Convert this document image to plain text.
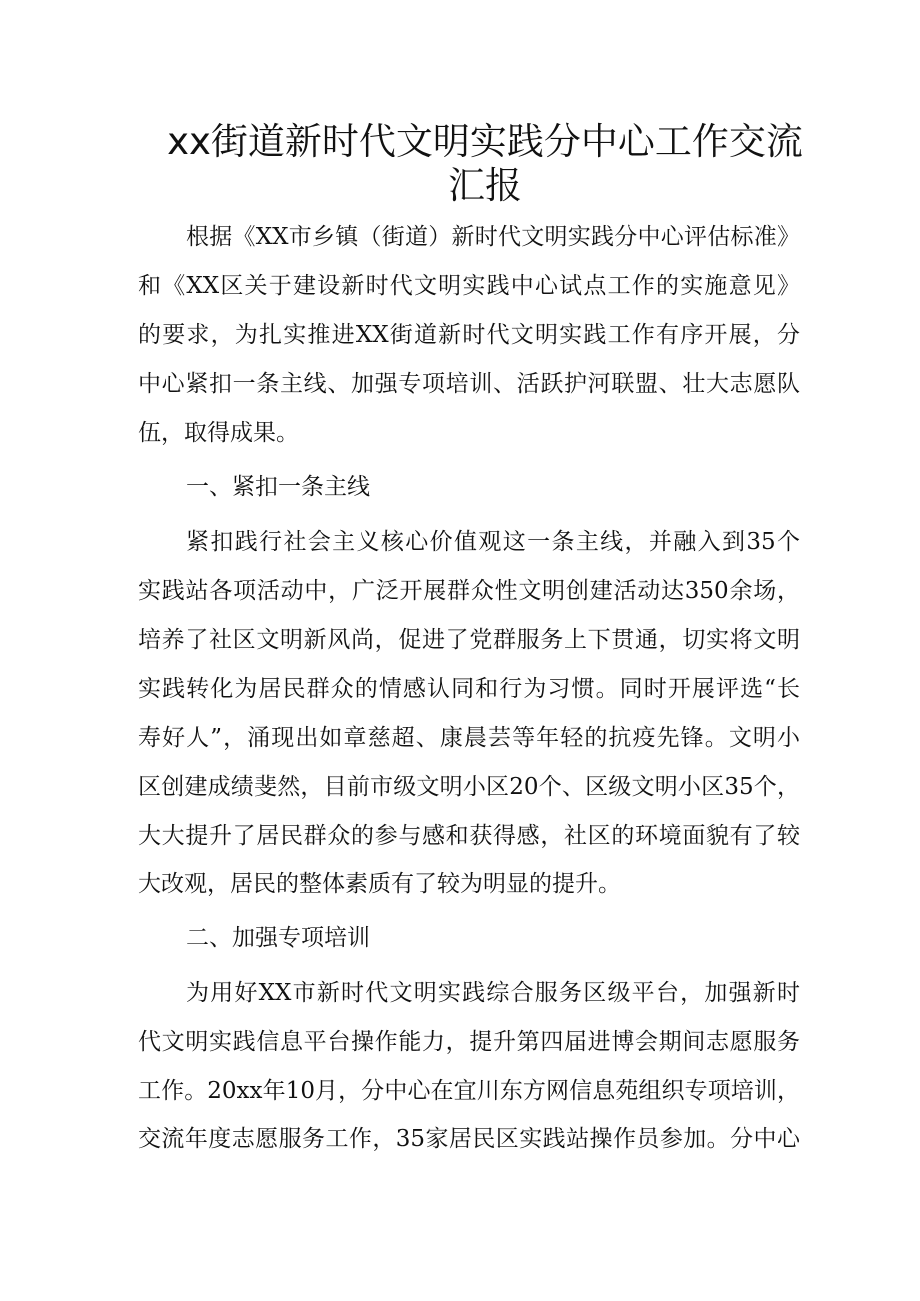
xx街道新时代文明实践分中心工作交流
汇报
根据《XX市乡镇（街道）新时代文明实践分中心评估标准》
和《XX区关于建设新时代文明实践中心试点工作的实施意见》
的要求，为扎实推进XX街道新时代文明实践工作有序开展，分
中心紧扣一条主线、加强专项培训、活跃护河联盟、壮大志愿队
伍，取得成果。
一、紧扣一条主线
紧扣践行社会主义核心价值观这一条主线，并融入到35个
实践站各项活动中，广泛开展群众性文明创建活动达350余场，
培养了社区文明新风尚，促进了党群服务上下贯通，切实将文明
实践转化为居民群众的情感认同和行为习惯。同时开展评选“长
寿好人”，涌现出如章慈超、康晨芸等年轻的抗疫先锋。文明小
区创建成绩斐然，目前市级文明小区20个、区级文明小区35个，
大大提升了居民群众的参与感和获得感，社区的环境面貌有了较
大改观，居民的整体素质有了较为明显的提升。
二、加强专项培训
为用好XX市新时代文明实践综合服务区级平台，加强新时
代文明实践信息平台操作能力，提升第四届进博会期间志愿服务
工作。20xx年10月，分中心在宜川东方网信息苑组织专项培训，
交流年度志愿服务工作，35家居民区实践站操作员参加。分中心
